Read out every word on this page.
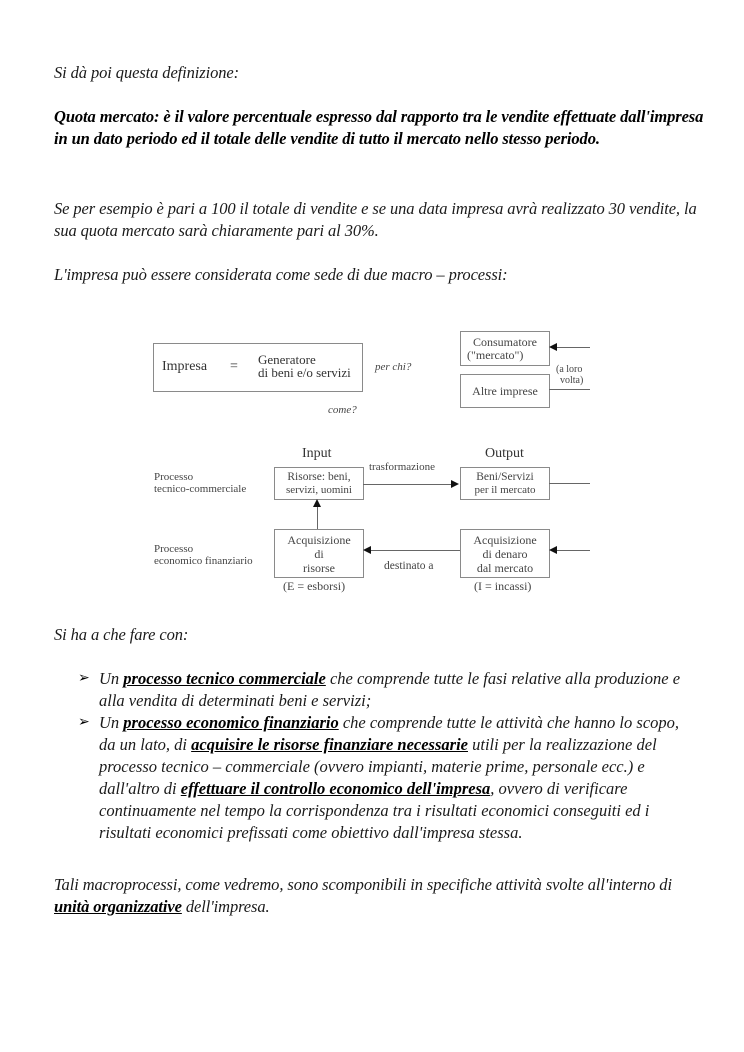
Si dà poi questa definizione:

Quota mercato: è il valore percentuale espresso dal rapporto tra le vendite effettuate dall'impresa in un dato periodo ed il totale delle vendite di tutto il mercato nello stesso periodo.

Se per esempio è pari a 100 il totale di vendite e se una data impresa avrà realizzato 30 vendite, la sua quota mercato sarà chiaramente pari al 30%.

L'impresa può essere considerata come sede di due macro – processi:

Impresa = Generatore
di beni e/o servizi per chi?
come?
Consumatore
("mercato")
Altre imprese
(a loro
volta)
Input	Output
trasformazione
Processo
tecnico-commerciale
Risorse: beni,
servizi, uomini
Beni/Servizi
per il mercato
Processo
economico finanziario
Acquisizione
di
risorse	destinato a
Acquisizione
di denaro
dal mercato
(E = esborsi)	(I = incassi)

Si ha a che fare con:

➢ Un processo tecnico commerciale che comprende tutte le fasi relative alla produzione e alla vendita di determinati beni e servizi;
➢ Un processo economico finanziario che comprende tutte le attività che hanno lo scopo, da un lato, di acquisire le risorse finanziare necessarie utili per la realizzazione del processo tecnico – commerciale (ovvero impianti, materie prime, personale ecc.) e dall'altro di effettuare il controllo economico dell'impresa, ovvero di verificare continuamente nel tempo la corrispondenza tra i risultati economici conseguiti ed i risultati economici prefissati come obiettivo dall'impresa stessa.

Tali macroprocessi, come vedremo, sono scomponibili in specifiche attività svolte all'interno di unità organizzative dell'impresa.
